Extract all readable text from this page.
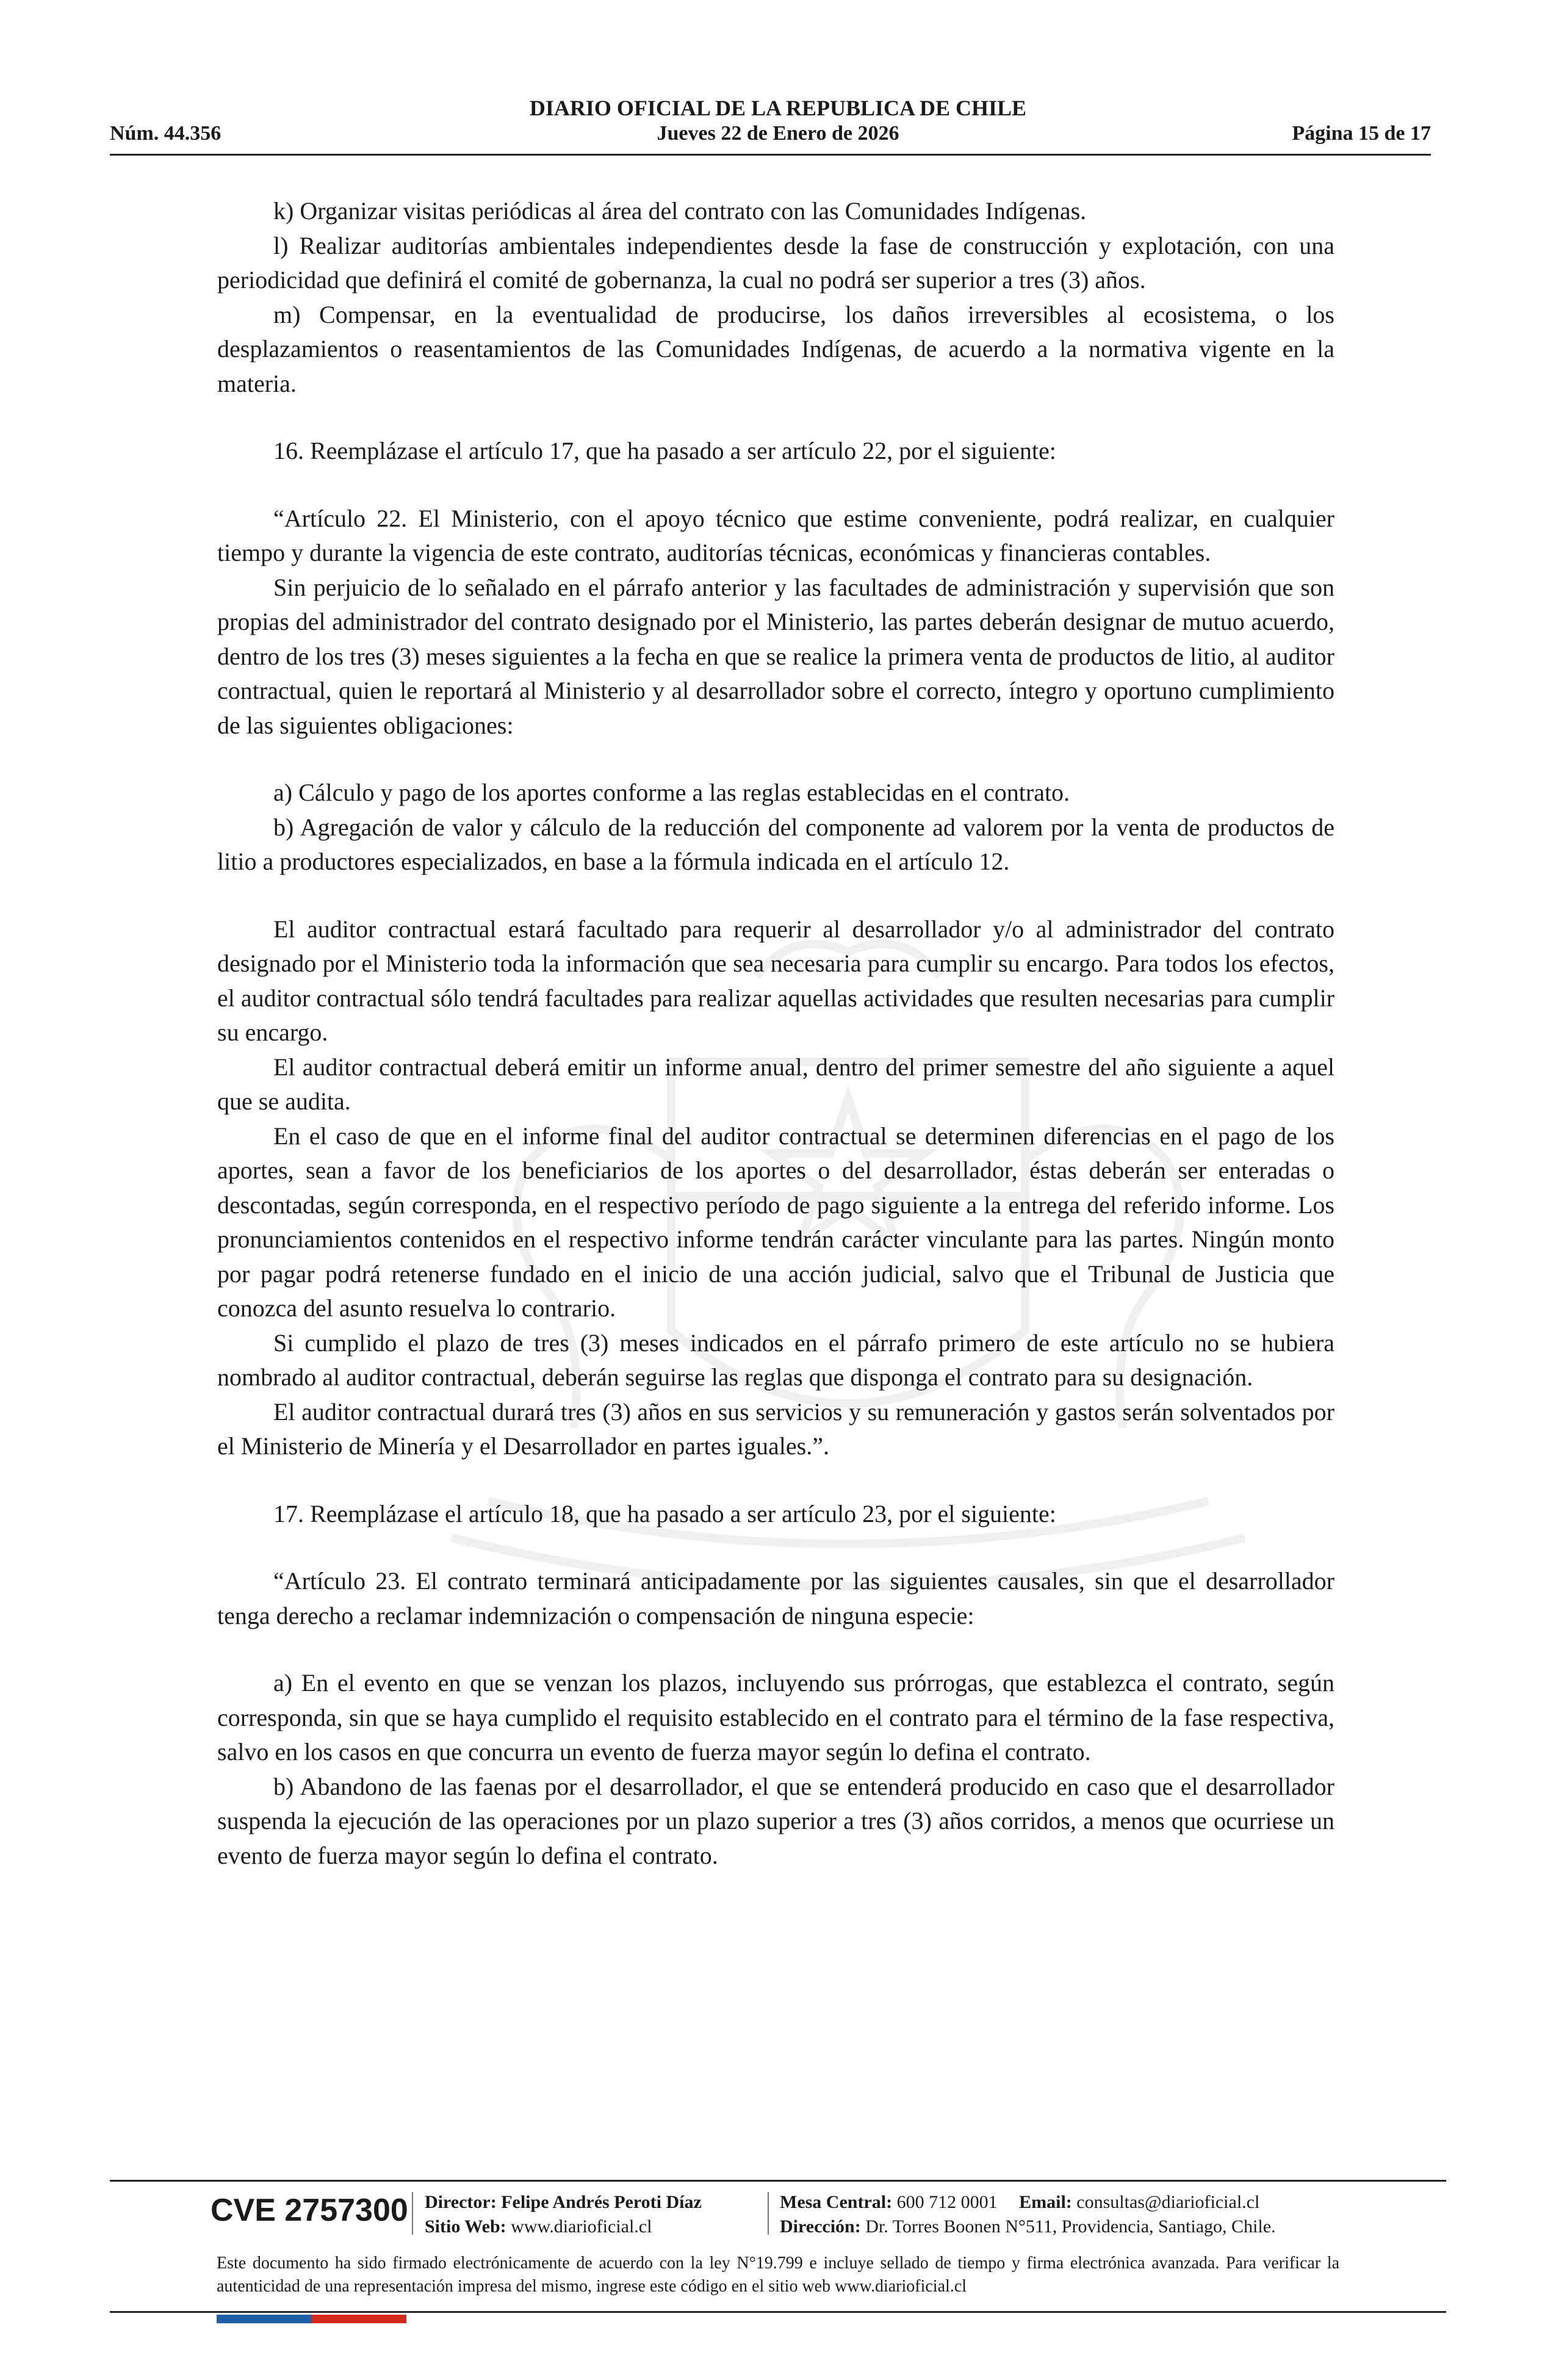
DIARIO OFICIAL DE LA REPUBLICA DE CHILE
Núm. 44.356	Jueves 22 de Enero de 2026	Página 15 de 17

k) Organizar visitas periódicas al área del contrato con las Comunidades Indígenas.

l) Realizar auditorías ambientales independientes desde la fase de construcción y explotación, con una periodicidad que definirá el comité de gobernanza, la cual no podrá ser superior a tres (3) años.

m) Compensar, en la eventualidad de producirse, los daños irreversibles al ecosistema, o los desplazamientos o reasentamientos de las Comunidades Indígenas, de acuerdo a la normativa vigente en la materia.

16. Reemplázase el artículo 17, que ha pasado a ser artículo 22, por el siguiente:

“Artículo 22. El Ministerio, con el apoyo técnico que estime conveniente, podrá realizar, en cualquier tiempo y durante la vigencia de este contrato, auditorías técnicas, económicas y financieras contables.

Sin perjuicio de lo señalado en el párrafo anterior y las facultades de administración y supervisión que son propias del administrador del contrato designado por el Ministerio, las partes deberán designar de mutuo acuerdo, dentro de los tres (3) meses siguientes a la fecha en que se realice la primera venta de productos de litio, al auditor contractual, quien le reportará al Ministerio y al desarrollador sobre el correcto, íntegro y oportuno cumplimiento de las siguientes obligaciones:

a) Cálculo y pago de los aportes conforme a las reglas establecidas en el contrato.

b) Agregación de valor y cálculo de la reducción del componente ad valorem por la venta de productos de litio a productores especializados, en base a la fórmula indicada en el artículo 12.

El auditor contractual estará facultado para requerir al desarrollador y/o al administrador del contrato designado por el Ministerio toda la información que sea necesaria para cumplir su encargo. Para todos los efectos, el auditor contractual sólo tendrá facultades para realizar aquellas actividades que resulten necesarias para cumplir su encargo.

El auditor contractual deberá emitir un informe anual, dentro del primer semestre del año siguiente a aquel que se audita.

En el caso de que en el informe final del auditor contractual se determinen diferencias en el pago de los aportes, sean a favor de los beneficiarios de los aportes o del desarrollador, éstas deberán ser enteradas o descontadas, según corresponda, en el respectivo período de pago siguiente a la entrega del referido informe. Los pronunciamientos contenidos en el respectivo informe tendrán carácter vinculante para las partes. Ningún monto por pagar podrá retenerse fundado en el inicio de una acción judicial, salvo que el Tribunal de Justicia que conozca del asunto resuelva lo contrario.

Si cumplido el plazo de tres (3) meses indicados en el párrafo primero de este artículo no se hubiera nombrado al auditor contractual, deberán seguirse las reglas que disponga el contrato para su designación.

El auditor contractual durará tres (3) años en sus servicios y su remuneración y gastos serán solventados por el Ministerio de Minería y el Desarrollador en partes iguales.”.

17. Reemplázase el artículo 18, que ha pasado a ser artículo 23, por el siguiente:

“Artículo 23. El contrato terminará anticipadamente por las siguientes causales, sin que el desarrollador tenga derecho a reclamar indemnización o compensación de ninguna especie:

a) En el evento en que se venzan los plazos, incluyendo sus prórrogas, que establezca el contrato, según corresponda, sin que se haya cumplido el requisito establecido en el contrato para el término de la fase respectiva, salvo en los casos en que concurra un evento de fuerza mayor según lo defina el contrato.

b) Abandono de las faenas por el desarrollador, el que se entenderá producido en caso que el desarrollador suspenda la ejecución de las operaciones por un plazo superior a tres (3) años corridos, a menos que ocurriese un evento de fuerza mayor según lo defina el contrato.

CVE 2757300 Director: Felipe Andrés Peroti Díaz
Sitio Web: www.diarioficial.cl
Mesa Central: 600 712 0001 Email: consultas@diarioficial.cl
Dirección: Dr. Torres Boonen N°511, Providencia, Santiago, Chile.
Este documento ha sido firmado electrónicamente de acuerdo con la ley N°19.799 e incluye sellado de tiempo y firma electrónica avanzada. Para verificar la autenticidad de una representación impresa del mismo, ingrese este código en el sitio web www.diarioficial.cl
